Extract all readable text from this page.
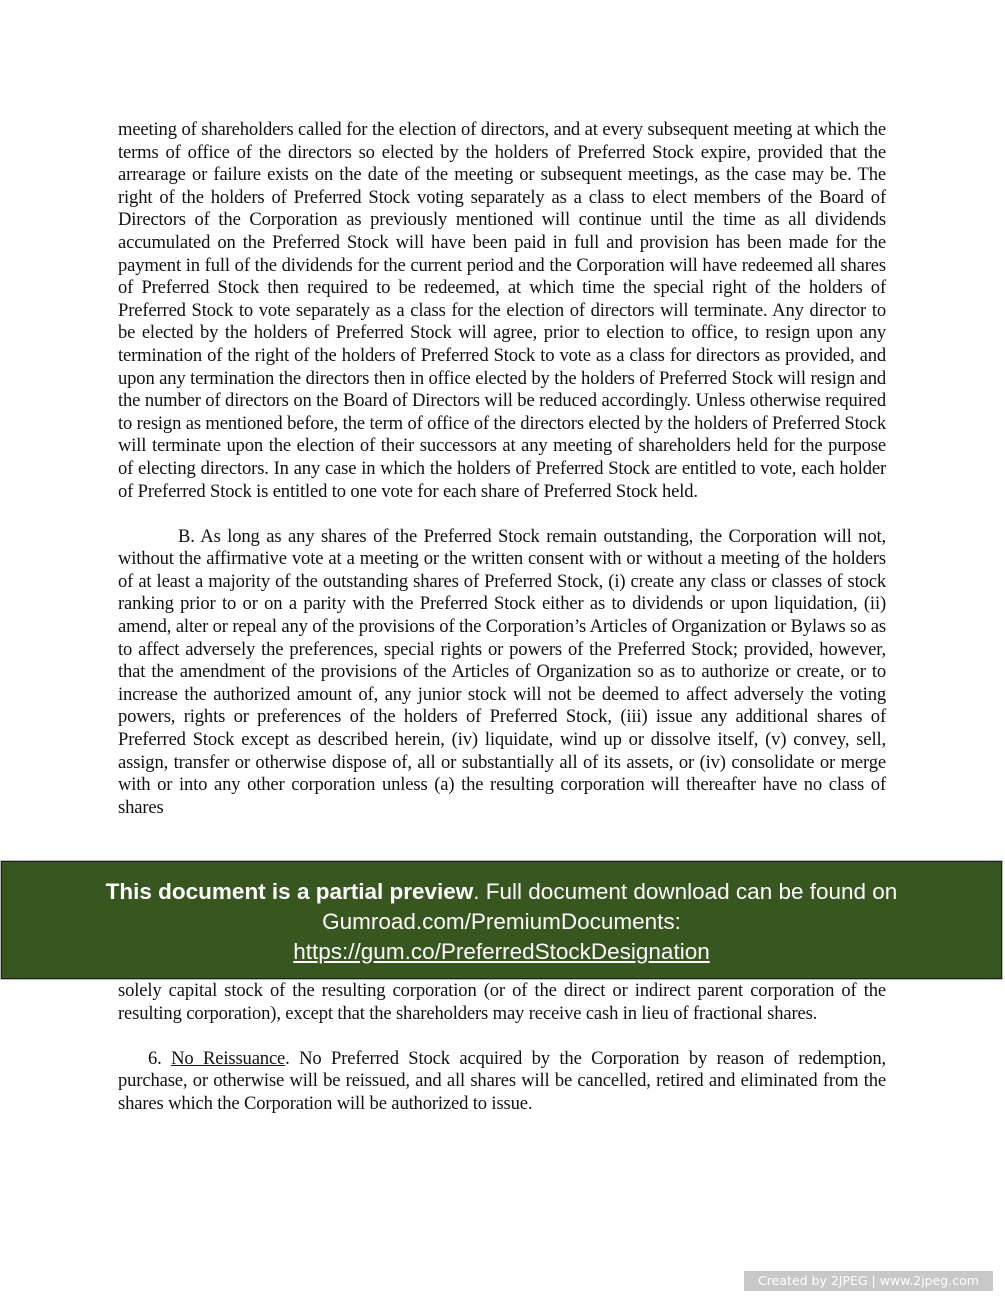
meeting of shareholders called for the election of directors, and at every subsequent meeting at which the terms of office of the directors so elected by the holders of Preferred Stock expire, provided that the arrearage or failure exists on the date of the meeting or subsequent meetings, as the case may be. The right of the holders of Preferred Stock voting separately as a class to elect members of the Board of Directors of the Corporation as previously mentioned will continue until the time as all dividends accumulated on the Preferred Stock will have been paid in full and provision has been made for the payment in full of the dividends for the current period and the Corporation will have redeemed all shares of Preferred Stock then required to be redeemed, at which time the special right of the holders of Preferred Stock to vote separately as a class for the election of directors will terminate. Any director to be elected by the holders of Preferred Stock will agree, prior to election to office, to resign upon any termination of the right of the holders of Preferred Stock to vote as a class for directors as provided, and upon any termination the directors then in office elected by the holders of Preferred Stock will resign and the number of directors on the Board of Directors will be reduced accordingly. Unless otherwise required to resign as mentioned before, the term of office of the directors elected by the holders of Preferred Stock will terminate upon the election of their successors at any meeting of shareholders held for the purpose of electing directors. In any case in which the holders of Preferred Stock are entitled to vote, each holder of Preferred Stock is entitled to one vote for each share of Preferred Stock held.

B. As long as any shares of the Preferred Stock remain outstanding, the Corporation will not, without the affirmative vote at a meeting or the written consent with or without a meeting of the holders of at least a majority of the outstanding shares of Preferred Stock, (i) create any class or classes of stock ranking prior to or on a parity with the Preferred Stock either as to dividends or upon liquidation, (ii) amend, alter or repeal any of the provisions of the Corporation’s Articles of Organization or Bylaws so as to affect adversely the preferences, special rights or powers of the Preferred Stock; provided, however, that the amendment of the provisions of the Articles of Organization so as to authorize or create, or to increase the authorized amount of, any junior stock will not be deemed to affect adversely the voting powers, rights or preferences of the holders of Preferred Stock, (iii) issue any additional shares of Preferred Stock except as described herein, (iv) liquidate, wind up or dissolve itself, (v) convey, sell, assign, transfer or otherwise dispose of, all or substantially all of its assets, or (iv) consolidate or merge with or into any other corporation unless (a) the resulting corporation will thereafter have no class of shares

This document is a partial preview. Full document download can be found on
Gumroad.com/PremiumDocuments:
https://gum.co/PreferredStockDesignation

solely capital stock of the resulting corporation (or of the direct or indirect parent corporation of the resulting corporation), except that the shareholders may receive cash in lieu of fractional shares.

6. No Reissuance. No Preferred Stock acquired by the Corporation by reason of redemption, purchase, or otherwise will be reissued, and all shares will be cancelled, retired and eliminated from the shares which the Corporation will be authorized to issue.

Created by 2JPEG | www.2jpeg.com
